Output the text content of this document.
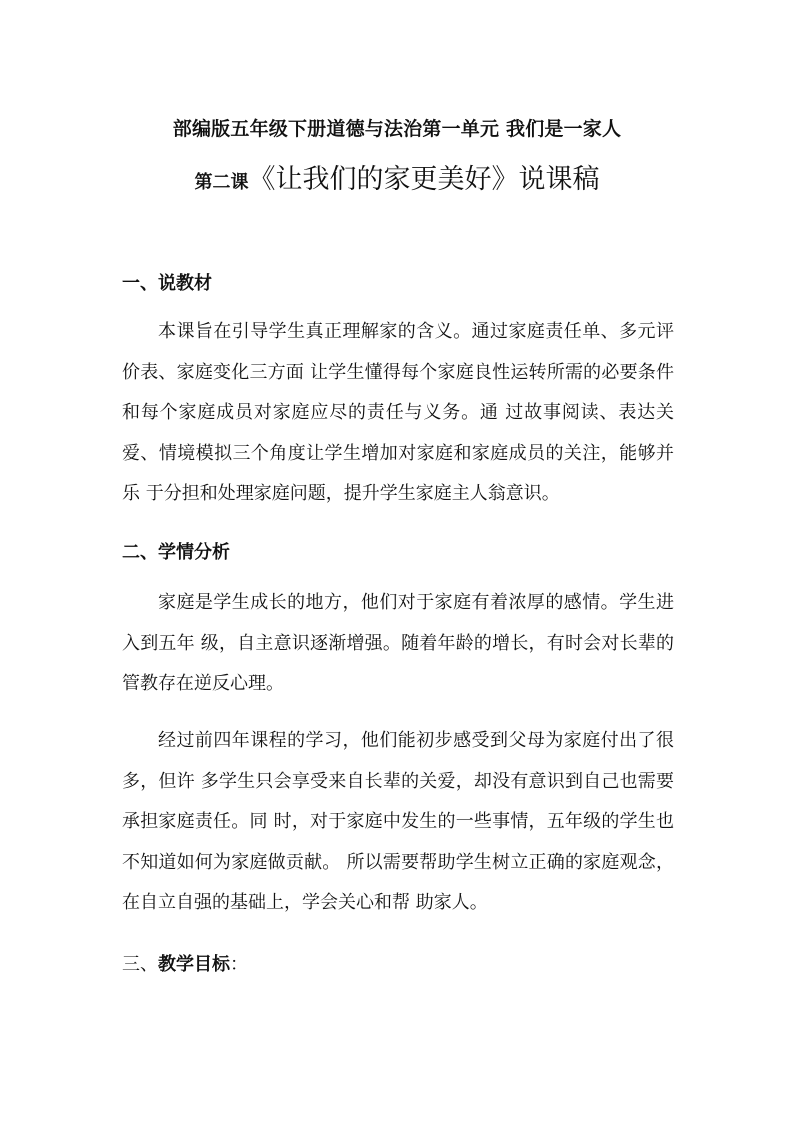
部编版五年级下册道德与法治第一单元 我们是一家人
第二课《让我们的家更美好》说课稿
一、说教材

本课旨在引导学生真正理解家的含义。通过家庭责任单、多元评价表、家庭变化三方面 让学生懂得每个家庭良性运转所需的必要条件和每个家庭成员对家庭应尽的责任与义务。通 过故事阅读、表达关爱、情境模拟三个角度让学生增加对家庭和家庭成员的关注，能够并乐 于分担和处理家庭问题，提升学生家庭主人翁意识。

二、学情分析

家庭是学生成长的地方，他们对于家庭有着浓厚的感情。学生进入到五年 级，自主意识逐渐增强。随着年龄的增长，有时会对长辈的管教存在逆反心理。

经过前四年课程的学习，他们能初步感受到父母为家庭付出了很多，但许 多学生只会享受来自长辈的关爱，却没有意识到自己也需要承担家庭责任。同 时，对于家庭中发生的一些事情，五年级的学生也不知道如何为家庭做贡献。 所以需要帮助学生树立正确的家庭观念，在自立自强的基础上，学会关心和帮 助家人。

三、教学目标：
